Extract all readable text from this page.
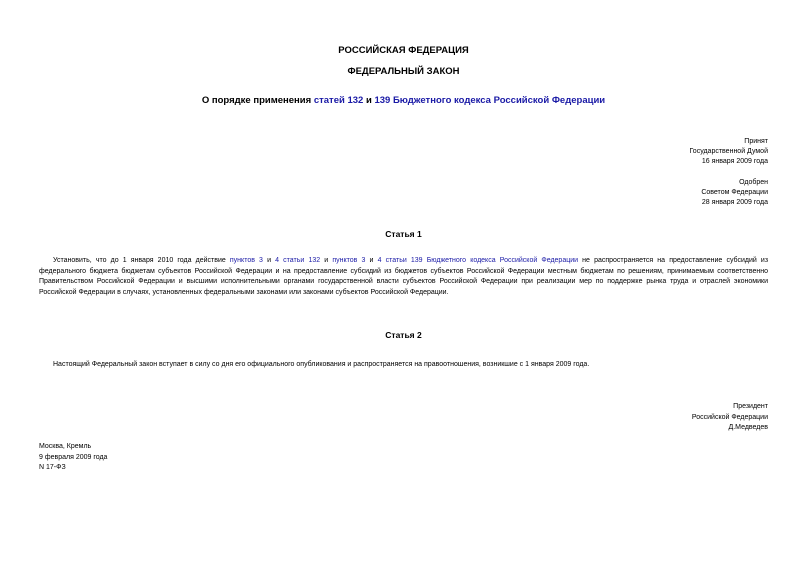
РОССИЙСКАЯ ФЕДЕРАЦИЯ
ФЕДЕРАЛЬНЫЙ ЗАКОН
О порядке применения статей 132 и 139 Бюджетного кодекса Российской Федерации
Принят
Государственной Думой
16 января 2009 года
Одобрен
Советом Федерации
28 января 2009 года
Статья 1
Установить, что до 1 января 2010 года действие пунктов 3 и 4 статьи 132 и пунктов 3 и 4 статьи 139 Бюджетного кодекса Российской Федерации не распространяется на предоставление субсидий из
федерального бюджета бюджетам субъектов Российской Федерации и на предоставление субсидий из бюджетов субъектов Российской Федерации местным бюджетам по решениям, принимаемым соответственно
Правительством Российской Федерации и высшими исполнительными органами государственной власти субъектов Российской Федерации при реализации мер по поддержке рынка труда и отраслей экономики
Российской Федерации в случаях, установленных федеральными законами или законами субъектов Российской Федерации.
Статья 2
Настоящий Федеральный закон вступает в силу со дня его официального опубликования и распространяется на правоотношения, возникшие с 1 января 2009 года.
Президент
Российской Федерации
Д.Медведев
Москва, Кремль
9 февраля 2009 года
N 17-ФЗ
